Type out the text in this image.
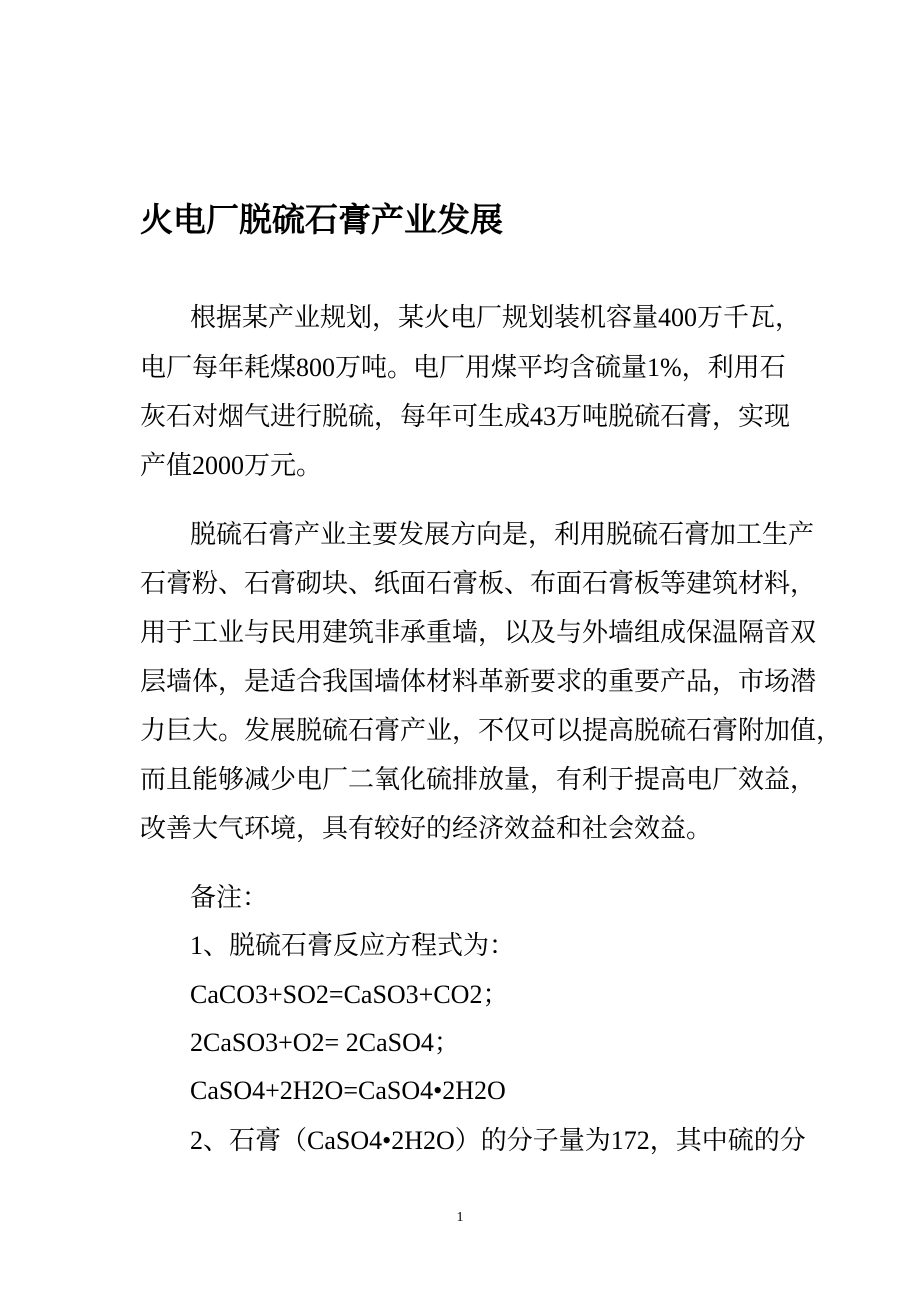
火电厂脱硫石膏产业发展
根据某产业规划，某火电厂规划装机容量400万千瓦，
电厂每年耗煤800万吨。电厂用煤平均含硫量1%，利用石
灰石对烟气进行脱硫，每年可生成43万吨脱硫石膏，实现
产值2000万元。
脱硫石膏产业主要发展方向是，利用脱硫石膏加工生产
石膏粉、石膏砌块、纸面石膏板、布面石膏板等建筑材料，
用于工业与民用建筑非承重墙，以及与外墙组成保温隔音双
层墙体，是适合我国墙体材料革新要求的重要产品，市场潜
力巨大。发展脱硫石膏产业，不仅可以提高脱硫石膏附加值，
而且能够减少电厂二氧化硫排放量，有利于提高电厂效益，
改善大气环境，具有较好的经济效益和社会效益。
备注：
1、脱硫石膏反应方程式为：
CaCO3+SO2=CaSO3+CO2；
2CaSO3+O2= 2CaSO4；
CaSO4+2H2O=CaSO4•2H2O
2、石膏（CaSO4•2H2O）的分子量为172，其中硫的分
1
